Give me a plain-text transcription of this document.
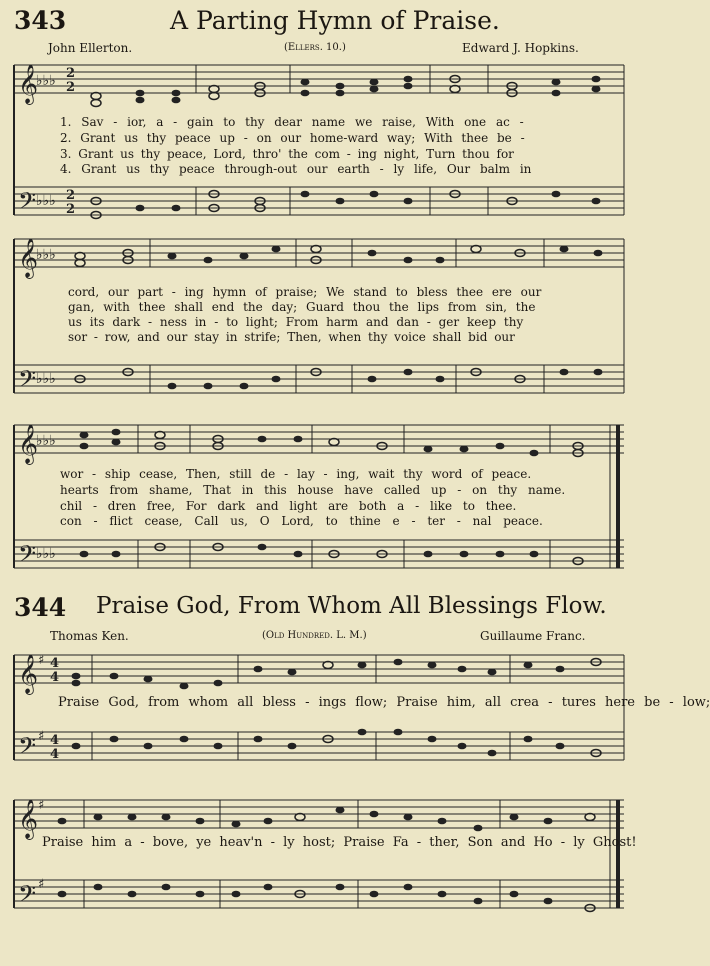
343	A Parting Hymn of Praise.
John Ellerton.	(Ellers. 10.)	Edward J. Hopkins.
𝄞
𝄢
♭♭♭
♭♭♭
2
2
2
2
1. Sav - ior, a - gain to thy dear name we raise, With one ac -
2. Grant us thy peace up - on our home-ward way; With thee be -
3. Grant us thy peace, Lord, thro' the com - ing night, Turn thou for
4. Grant us thy peace through-out our earth - ly life, Our balm in
𝄞
𝄢
♭♭♭
♭♭♭
cord, our part - ing hymn of praise; We stand to bless thee ere our
gan, with thee shall end the day; Guard thou the lips from sin, the
us its dark - ness in - to light; From harm and dan - ger keep thy
sor - row, and our stay in strife; Then, when thy voice shall bid our
𝄞
𝄢
♭♭♭
♭♭♭
wor - ship cease, Then, still de - lay - ing, wait thy word of peace.
hearts from shame, That in this house have called up - on thy name.
chil - dren free, For dark and light are both a - like to thee.
con - flict cease, Call us, O Lord, to thine e - ter - nal peace.
344 Praise God, From Whom All Blessings Flow.
Thomas Ken.	(Old Hundred. L. M.)	Guillaume Franc.
𝄞
𝄢
♯
♯
4
4
4
4
Praise God, from whom all bless - ings flow; Praise him, all crea - tures here be - low;
𝄞
𝄢
♯
♯
Praise him a - bove, ye heav'n - ly host; Praise Fa - ther, Son and Ho - ly Ghost!
